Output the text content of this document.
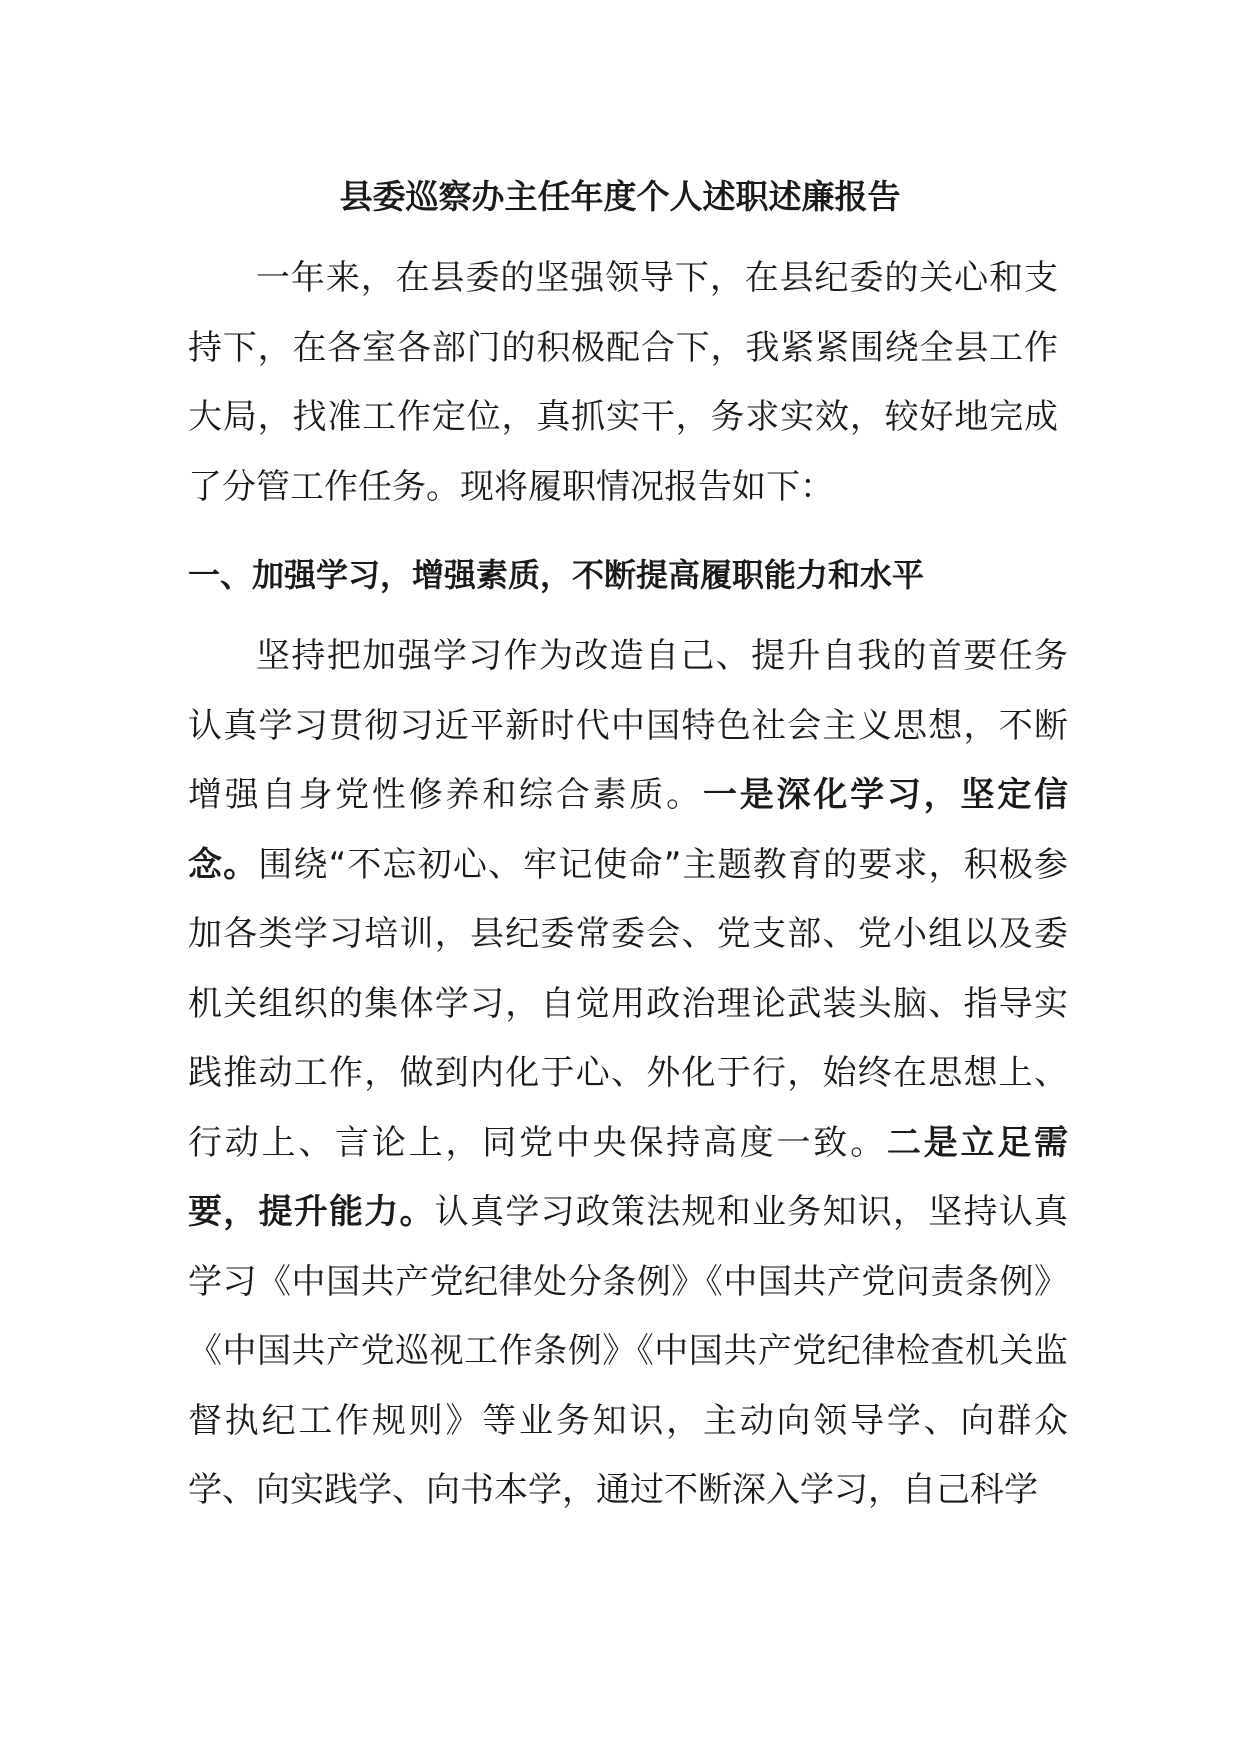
县委巡察办主任年度个人述职述廉报告

一年来，在县委的坚强领导下，在县纪委的关心和支持下，在各室各部门的积极配合下，我紧紧围绕全县工作大局，找准工作定位，真抓实干，务求实效，较好地完成了分管工作任务。现将履职情况报告如下：

一、加强学习，增强素质，不断提高履职能力和水平

坚持把加强学习作为改造自己、提升自我的首要任务认真学习贯彻习近平新时代中国特色社会主义思想，不断增强自身党性修养和综合素质。一是深化学习，坚定信念。围绕“不忘初心、牢记使命”主题教育的要求，积极参加各类学习培训，县纪委常委会、党支部、党小组以及委机关组织的集体学习，自觉用政治理论武装头脑、指导实践推动工作，做到内化于心、外化于行，始终在思想上、行动上、言论上，同党中央保持高度一致。二是立足需要，提升能力。认真学习政策法规和业务知识，坚持认真学习《中国共产党纪律处分条例》《中国共产党问责条例》《中国共产党巡视工作条例》《中国共产党纪律检查机关监督执纪工作规则》等业务知识，主动向领导学、向群众学、向实践学、向书本学，通过不断深入学习，自己科学
